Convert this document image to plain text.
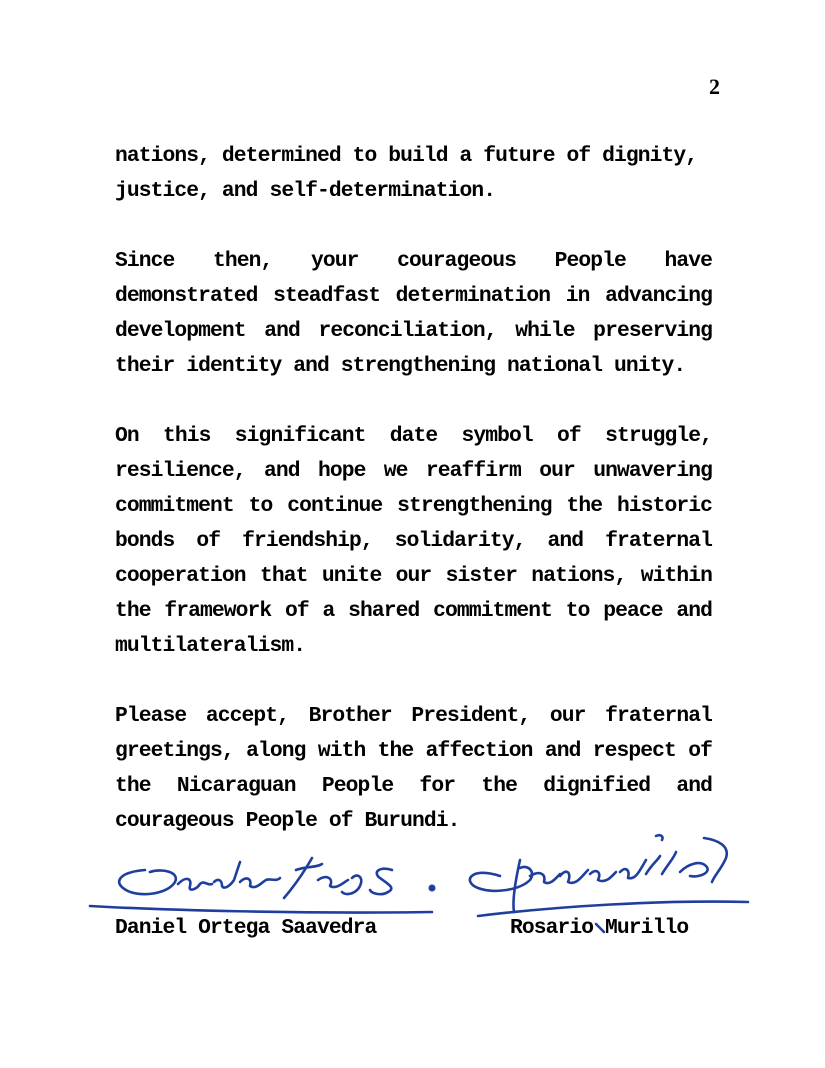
2

nations, determined to build a future of dignity, justice, and self-determination.

Since then, your courageous People have demonstrated steadfast determination in advancing development and reconciliation, while preserving their identity and strengthening national unity.

On this significant date symbol of struggle, resilience, and hope we reaffirm our unwavering commitment to continue strengthening the historic bonds of friendship, solidarity, and fraternal cooperation that unite our sister nations, within the framework of a shared commitment to peace and multilateralism.

Please accept, Brother President, our fraternal greetings, along with the affection and respect of the Nicaraguan People for the dignified and courageous People of Burundi.

Daniel Ortega Saavedra	Rosario Murillo
